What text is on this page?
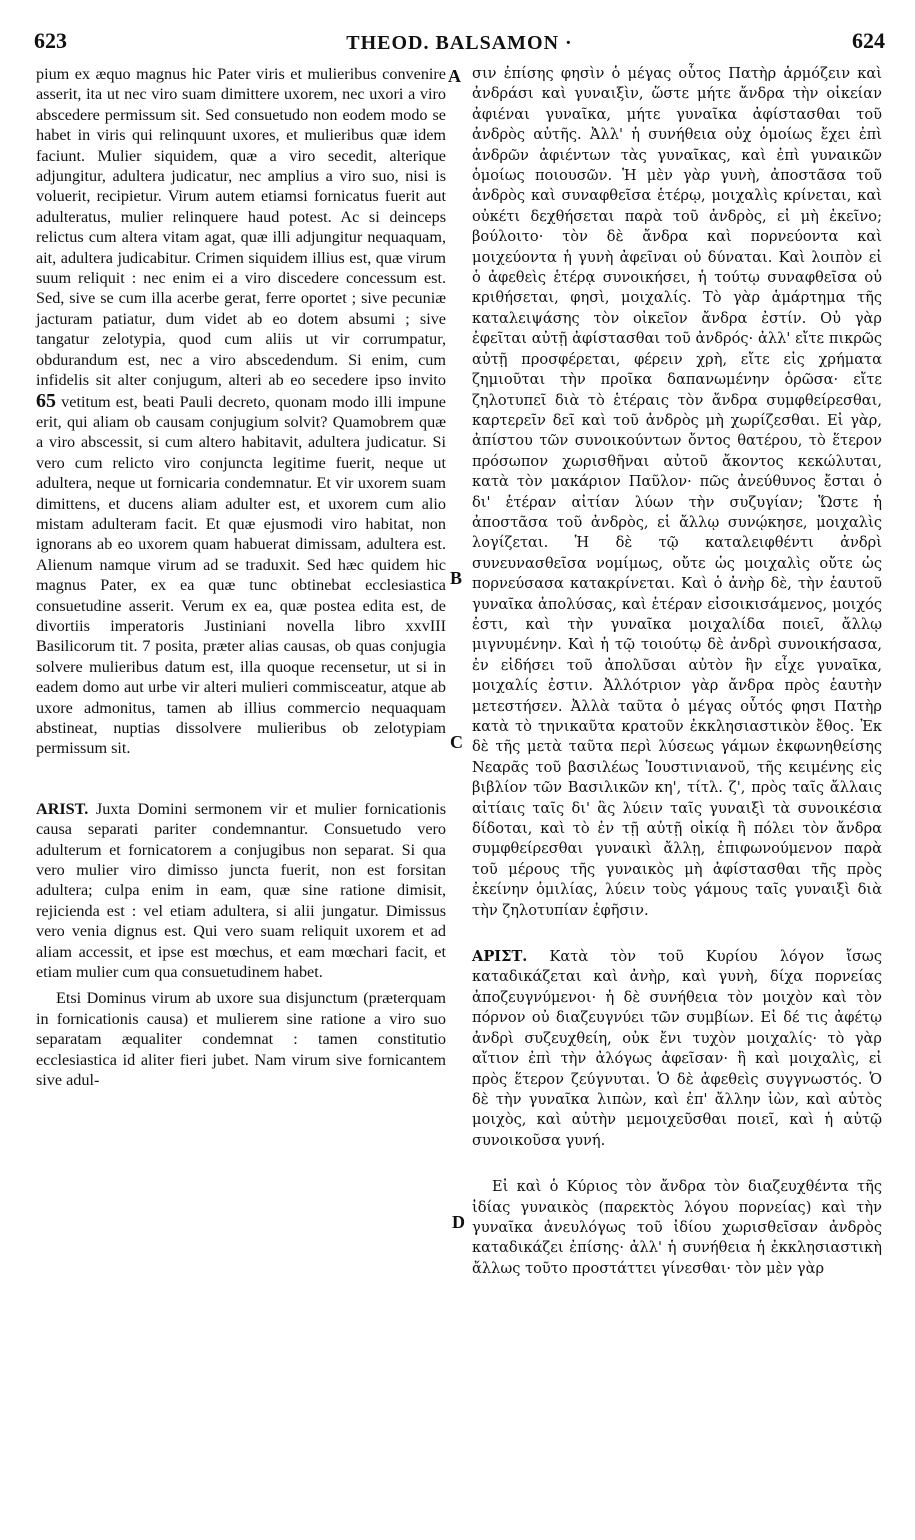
623	THEOD. BALSAMON ·	624
A
B
C
D

pium ex æquo magnus hic Pater viris et mulieribus convenire asserit, ita ut nec viro suam dimittere uxorem, nec uxori a viro abscedere permissum sit. Sed consuetudo non eodem modo se habet in viris qui relinquunt uxores, et mulieribus quæ idem faciunt. Mulier siquidem, quæ a viro secedit, alterique adjungitur, adultera judicatur, nec amplius a viro suo, nisi is voluerit, recipietur. Virum autem etiamsi fornicatus fuerit aut adulteratus, mulier relinquere haud potest. Ac si deinceps relictus cum altera vitam agat, quæ illi adjungitur nequaquam, ait, adultera judicabitur. Crimen siquidem illius est, quæ virum suum reliquit : nec enim ei a viro discedere concessum est. Sed, sive se cum illa acerbe gerat, ferre oportet ; sive pecuniæ jacturam patiatur, dum videt ab eo dotem absumi ; sive tangatur zelotypia, quod cum aliis ut vir corrumpatur, obdurandum est, nec a viro abscedendum. Si enim, cum infidelis sit alter conjugum, alteri ab eo secedere ipso invito 65 vetitum est, beati Pauli decreto, quonam modo illi impune erit, qui aliam ob causam conjugium solvit? Quamobrem quæ a viro abscessit, si cum altero habitavit, adultera judicatur. Si vero cum relicto viro conjuncta legitime fuerit, neque ut adultera, neque ut fornicaria condemnatur. Et vir uxorem suam dimittens, et ducens aliam adulter est, et uxorem cum alio mistam adulteram facit. Et quæ ejusmodi viro habitat, non ignorans ab eo uxorem quam habuerat dimissam, adultera est. Alienum namque virum ad se traduxit. Sed hæc quidem hic magnus Pater, ex ea quæ tunc obtinebat ecclesiastica consuetudine asserit. Verum ex ea, quæ postea edita est, de divortiis imperatoris Justiniani novella libro xxvIII Basilicorum tit. 7 posita, præter alias causas, ob quas conjugia solvere mulieribus datum est, illa quoque recensetur, ut si in eadem domo aut urbe vir alteri mulieri commisceatur, atque ab uxore admonitus, tamen ab illius commercio nequaquam abstineat, nuptias dissolvere mulieribus ob zelotypiam permissum sit.

ARIST. Juxta Domini sermonem vir et mulier fornicationis causa separati pariter condemnantur. Consuetudo vero adulterum et fornicatorem a conjugibus non separat. Si qua vero mulier viro dimisso juncta fuerit, non est forsitan adultera; culpa enim in eam, quæ sine ratione dimisit, rejicienda est : vel etiam adultera, si alii jungatur. Dimissus vero venia dignus est. Qui vero suam reliquit uxorem et ad aliam accessit, et ipse est mœchus, et eam mœchari facit, et etiam mulier cum qua consuetudinem habet.

Etsi Dominus virum ab uxore sua disjunctum (præterquam in fornicationis causa) et mulierem sine ratione a viro suo separatam æqualiter condemnat : tamen constitutio ecclesiastica id aliter fieri jubet. Nam virum sive fornicantem sive adul-

σιν ἐπίσης φησὶν ὁ μέγας οὗτος Πατὴρ ἁρμόζειν καὶ ἀνδράσι καὶ γυναιξὶν, ὥστε μήτε ἄνδρα τὴν οἰκείαν ἀφιέναι γυναῖκα, μήτε γυναῖκα ἀφίστασθαι τοῦ ἀνδρὸς αὐτῆς. Ἀλλ' ἡ συνήθεια οὐχ ὁμοίως ἔχει ἐπὶ ἀνδρῶν ἀφιέντων τὰς γυναῖκας, καὶ ἐπὶ γυναικῶν ὁμοίως ποιουσῶν. Ἡ μὲν γὰρ γυνὴ, ἀποστᾶσα τοῦ ἀνδρὸς καὶ συναφθεῖσα ἑτέρῳ, μοιχαλὶς κρίνεται, καὶ οὐκέτι δεχθήσεται παρὰ τοῦ ἀνδρὸς, εἰ μὴ ἐκεῖνο; βούλοιτο· τὸν δὲ ἄνδρα καὶ πορνεύοντα καὶ μοιχεύοντα ἡ γυνὴ ἀφεῖναι οὐ δύναται. Καὶ λοιπὸν εἰ ὁ ἀφεθεὶς ἑτέρᾳ συνοικήσει, ἡ τούτῳ συναφθεῖσα οὐ κριθήσεται, φησὶ, μοιχαλίς. Τὸ γὰρ ἁμάρτημα τῆς καταλειψάσης τὸν οἰκεῖον ἄνδρα ἐστίν. Οὐ γὰρ ἐφεῖται αὐτῇ ἀφίστασθαι τοῦ ἀνδρός· ἀλλ' εἴτε πικρῶς αὐτῇ προσφέρεται, φέρειν χρὴ, εἴτε εἰς χρήματα ζημιοῦται τὴν προῖκα δαπανωμένην ὁρῶσα· εἴτε ζηλοτυπεῖ διὰ τὸ ἑτέραις τὸν ἄνδρα συμφθείρεσθαι, καρτερεῖν δεῖ καὶ τοῦ ἀνδρὸς μὴ χωρίζεσθαι. Εἰ γὰρ, ἀπίστου τῶν συνοικούντων ὄντος θατέρου, τὸ ἕτερον πρόσωπον χωρισθῆναι αὐτοῦ ἄκοντος κεκώλυται, κατὰ τὸν μακάριον Παῦλον· πῶς ἀνεύθυνος ἔσται ὁ δι' ἑτέραν αἰτίαν λύων τὴν συζυγίαν; Ὥστε ἡ ἀποστᾶσα τοῦ ἀνδρὸς, εἰ ἄλλῳ συνῴκησε, μοιχαλὶς λογίζεται. Ἡ δὲ τῷ καταλειφθέντι ἀνδρὶ συνευνασθεῖσα νομίμως, οὔτε ὡς μοιχαλὶς οὔτε ὡς πορνεύσασα κατακρίνεται. Καὶ ὁ ἀνὴρ δὲ, τὴν ἑαυτοῦ γυναῖκα ἀπολύσας, καὶ ἑτέραν εἰσοικισάμενος, μοιχός ἐστι, καὶ τὴν γυναῖκα μοιχαλίδα ποιεῖ, ἄλλῳ μιγνυμένην. Καὶ ἡ τῷ τοιούτῳ δὲ ἀνδρὶ συνοικήσασα, ἐν εἰδήσει τοῦ ἀπολῦσαι αὐτὸν ἣν εἶχε γυναῖκα, μοιχαλίς ἐστιν. Ἀλλότριον γὰρ ἄνδρα πρὸς ἑαυτὴν μετεστήσεν. Ἀλλὰ ταῦτα ὁ μέγας οὗτός φησι Πατὴρ κατὰ τὸ τηνικαῦτα κρατοῦν ἐκκλησιαστικὸν ἔθος. Ἐκ δὲ τῆς μετὰ ταῦτα περὶ λύσεως γάμων ἐκφωνηθείσης Νεαρᾶς τοῦ βασιλέως Ἰουστινιανοῦ, τῆς κειμένης εἰς βιβλίον τῶν Βασιλικῶν κη', τίτλ. ζ', πρὸς ταῖς ἄλλαις αἰτίαις ταῖς δι' ἃς λύειν ταῖς γυναιξὶ τὰ συνοικέσια δίδοται, καὶ τὸ ἐν τῇ αὐτῇ οἰκίᾳ ἢ πόλει τὸν ἄνδρα συμφθείρεσθαι γυναικὶ ἄλλῃ, ἐπιφωνούμενον παρὰ τοῦ μέρους τῆς γυναικὸς μὴ ἀφίστασθαι τῆς πρὸς ἐκείνην ὁμιλίας, λύειν τοὺς γάμους ταῖς γυναιξὶ διὰ τὴν ζηλοτυπίαν ἐφῆσιν.

ΑΡΙΣΤ. Κατὰ τὸν τοῦ Κυρίου λόγον ἴσως καταδικάζεται καὶ ἀνὴρ, καὶ γυνὴ, δίχα πορνείας ἀποζευγνύμενοι· ἡ δὲ συνήθεια τὸν μοιχὸν καὶ τὸν πόρνον οὐ διαζευγνύει τῶν συμβίων. Εἰ δέ τις ἀφέτῳ ἀνδρὶ συζευχθείη, οὐκ ἔνι τυχὸν μοιχαλίς· τὸ γὰρ αἴτιον ἐπὶ τὴν ἀλόγως ἀφεῖσαν· ἢ καὶ μοιχαλὶς, εἰ πρὸς ἕτερον ζεύγνυται. Ὁ δὲ ἀφεθεὶς συγγνωστός. Ὁ δὲ τὴν γυναῖκα λιπὼν, καὶ ἐπ' ἄλλην ἰὼν, καὶ αὐτὸς μοιχὸς, καὶ αὐτὴν μεμοιχεῦσθαι ποιεῖ, καὶ ἡ αὐτῷ συνοικοῦσα γυνή.

Εἰ καὶ ὁ Κύριος τὸν ἄνδρα τὸν διαζευχθέντα τῆς ἰδίας γυναικὸς (παρεκτὸς λόγου πορνείας) καὶ τὴν γυναῖκα ἀνευλόγως τοῦ ἰδίου χωρισθεῖσαν ἀνδρὸς καταδικάζει ἐπίσης· ἀλλ' ἡ συνήθεια ἡ ἐκκλησιαστικὴ ἄλλως τοῦτο προστάττει γίνεσθαι· τὸν μὲν γὰρ
